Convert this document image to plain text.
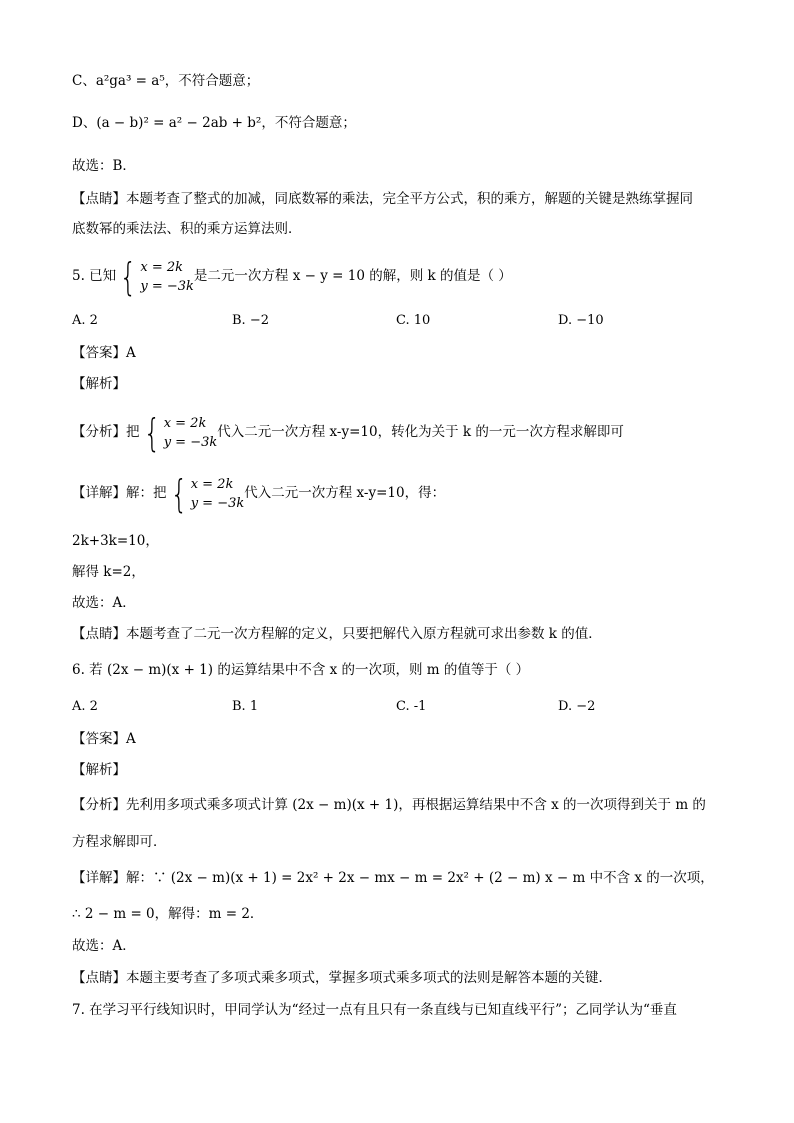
C、a²ga³ = a⁵，不符合题意；
D、(a − b)² = a² − 2ab + b²，不符合题意；
故选：B．
【点睛】本题考查了整式的加减，同底数幂的乘法，完全平方公式，积的乘方，解题的关键是熟练掌握同
底数幂的乘法法、积的乘方运算法则．
5. 已知{ x = 2k
y = −3k是二元一次方程 x − y = 10 的解，则 k 的值是（ ）
A. 2	B. −2	C. 10	D. −10
【答案】A
【解析】
【分析】把{ x = 2k
y = −3k代入二元一次方程 x-y=10，转化为关于 k 的一元一次方程求解即可
【详解】解：把{ x = 2k
y = −3k代入二元一次方程 x-y=10，得：
2k+3k=10，
解得 k=2，
故选：A．
【点睛】本题考查了二元一次方程解的定义，只要把解代入原方程就可求出参数 k 的值．
6. 若 (2x − m)(x + 1) 的运算结果中不含 x 的一次项，则 m 的值等于（ ）
A. 2	B. 1	C. -1	D. −2
【答案】A
【解析】
【分析】先利用多项式乘多项式计算 (2x − m)(x + 1)，再根据运算结果中不含 x 的一次项得到关于 m 的
方程求解即可．
【详解】解：∵ (2x − m)(x + 1) = 2x² + 2x − mx − m = 2x² + (2 − m) x − m 中不含 x 的一次项，
∴ 2 − m = 0，解得：m = 2．
故选：A．
【点睛】本题主要考查了多项式乘多项式，掌握多项式乘多项式的法则是解答本题的关键．
7. 在学习平行线知识时，甲同学认为“经过一点有且只有一条直线与已知直线平行”；乙同学认为“垂直
